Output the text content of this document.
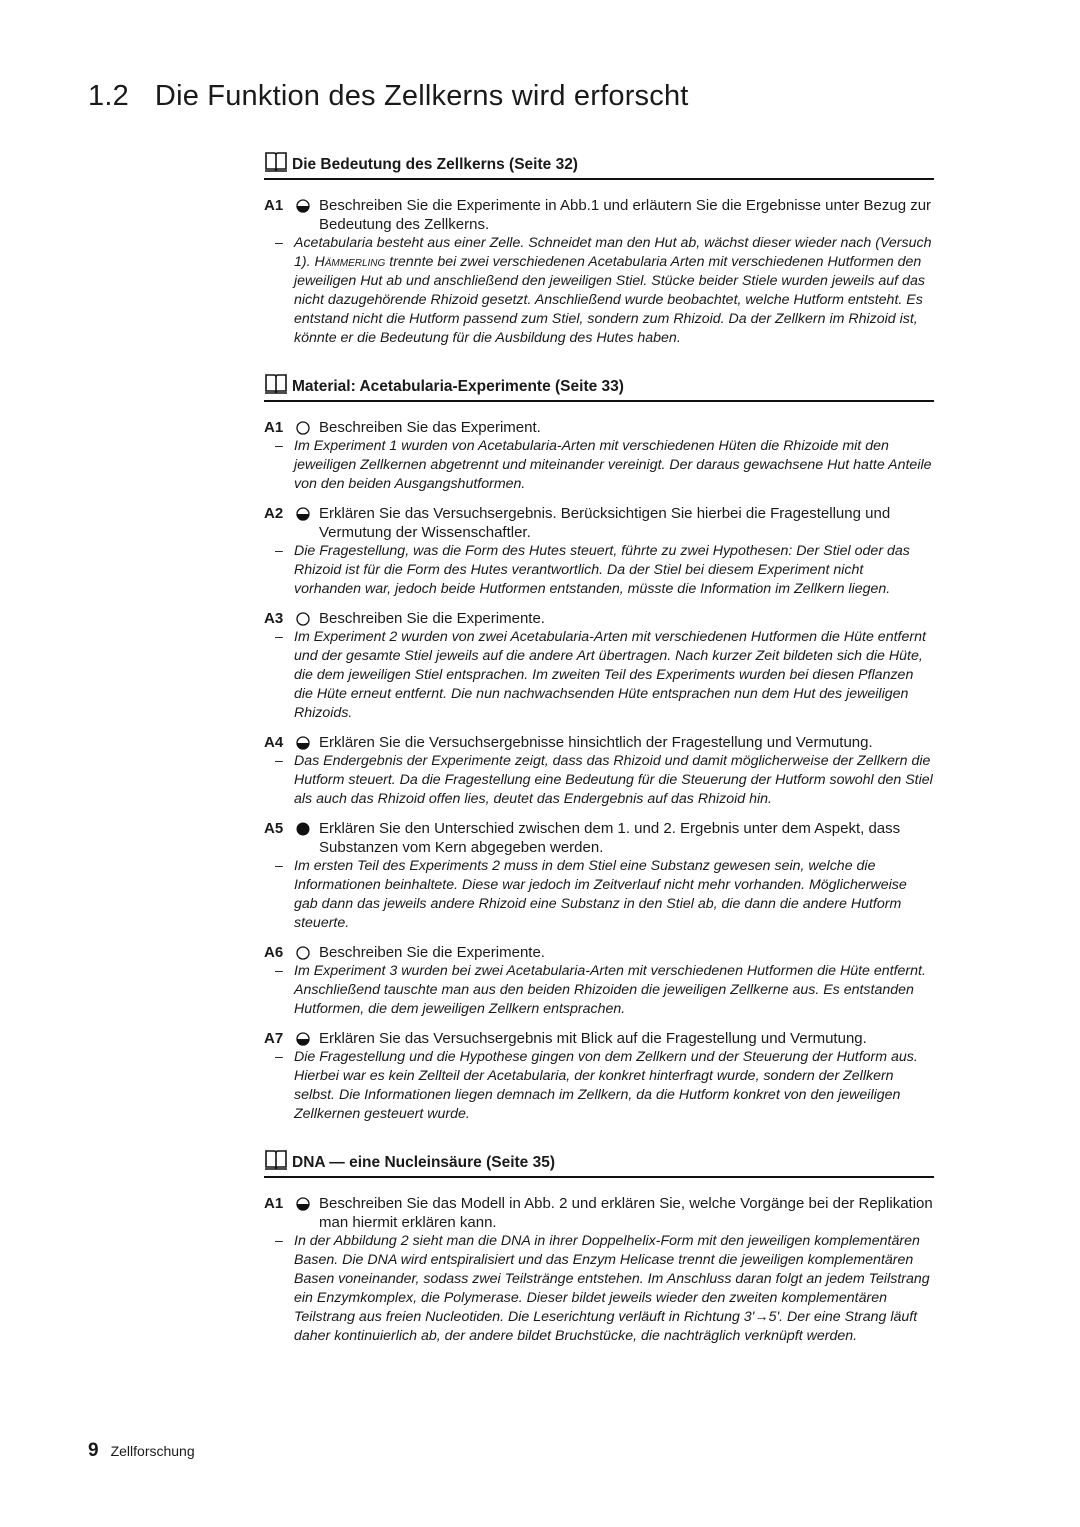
1.2 Die Funktion des Zellkerns wird erforscht
Die Bedeutung des Zellkerns (Seite 32)
A1	Beschreiben Sie die Experimente in Abb.1 und erläutern Sie die Ergebnisse unter Bezug zur Bedeutung des Zellkerns.
– Acetabularia besteht aus einer Zelle. Schneidet man den Hut ab, wächst dieser wieder nach (Versuch 1). Hämmerling trennte bei zwei verschiedenen Acetabularia Arten mit verschiedenen Hutformen den jeweiligen Hut ab und anschließend den jeweiligen Stiel. Stücke beider Stiele wurden jeweils auf das nicht dazugehörende Rhizoid gesetzt. Anschließend wurde beobachtet, welche Hutform entsteht. Es entstand nicht die Hutform passend zum Stiel, sondern zum Rhizoid. Da der Zellkern im Rhizoid ist, könnte er die Bedeutung für die Ausbildung des Hutes haben.
Material: Acetabularia-Experimente (Seite 33)
A1	Beschreiben Sie das Experiment.
– Im Experiment 1 wurden von Acetabularia-Arten mit verschiedenen Hüten die Rhizoide mit den jeweiligen Zellkernen abgetrennt und miteinander vereinigt. Der daraus gewachsene Hut hatte Anteile von den beiden Ausgangshutformen.
A2	Erklären Sie das Versuchsergebnis. Berücksichtigen Sie hierbei die Fragestellung und Vermutung der Wissenschaftler.
– Die Fragestellung, was die Form des Hutes steuert, führte zu zwei Hypothesen: Der Stiel oder das Rhizoid ist für die Form des Hutes verantwortlich. Da der Stiel bei diesem Experiment nicht vorhanden war, jedoch beide Hutformen entstanden, müsste die Information im Zellkern liegen.
A3	Beschreiben Sie die Experimente.
– Im Experiment 2 wurden von zwei Acetabularia-Arten mit verschiedenen Hutformen die Hüte entfernt und der gesamte Stiel jeweils auf die andere Art übertragen. Nach kurzer Zeit bildeten sich die Hüte, die dem jeweiligen Stiel entsprachen. Im zweiten Teil des Experiments wurden bei diesen Pflanzen die Hüte erneut entfernt. Die nun nachwachsenden Hüte entsprachen nun dem Hut des jeweiligen Rhizoids.
A4	Erklären Sie die Versuchsergebnisse hinsichtlich der Fragestellung und Vermutung.
– Das Endergebnis der Experimente zeigt, dass das Rhizoid und damit möglicherweise der Zellkern die Hutform steuert. Da die Fragestellung eine Bedeutung für die Steuerung der Hutform sowohl den Stiel als auch das Rhizoid offen lies, deutet das Endergebnis auf das Rhizoid hin.
A5	Erklären Sie den Unterschied zwischen dem 1. und 2. Ergebnis unter dem Aspekt, dass Substanzen vom Kern abgegeben werden.
– Im ersten Teil des Experiments 2 muss in dem Stiel eine Substanz gewesen sein, welche die Informationen beinhaltete. Diese war jedoch im Zeitverlauf nicht mehr vorhanden. Möglicherweise gab dann das jeweils andere Rhizoid eine Substanz in den Stiel ab, die dann die andere Hutform steuerte.
A6	Beschreiben Sie die Experimente.
– Im Experiment 3 wurden bei zwei Acetabularia-Arten mit verschiedenen Hutformen die Hüte entfernt. Anschließend tauschte man aus den beiden Rhizoiden die jeweiligen Zellkerne aus. Es entstanden Hutformen, die dem jeweiligen Zellkern entsprachen.
A7	Erklären Sie das Versuchsergebnis mit Blick auf die Fragestellung und Vermutung.
– Die Fragestellung und die Hypothese gingen von dem Zellkern und der Steuerung der Hutform aus. Hierbei war es kein Zellteil der Acetabularia, der konkret hinterfragt wurde, sondern der Zellkern selbst. Die Informationen liegen demnach im Zellkern, da die Hutform konkret von den jeweiligen Zellkernen gesteuert wurde.
DNA — eine Nucleinsäure (Seite 35)
A1	Beschreiben Sie das Modell in Abb. 2 und erklären Sie, welche Vorgänge bei der Replikation man hiermit erklären kann.
– In der Abbildung 2 sieht man die DNA in ihrer Doppelhelix-Form mit den jeweiligen komplementären Basen. Die DNA wird entspiralisiert und das Enzym Helicase trennt die jeweiligen komplementären Basen voneinander, sodass zwei Teilstränge entstehen. Im Anschluss daran folgt an jedem Teilstrang ein Enzymkomplex, die Polymerase. Dieser bildet jeweils wieder den zweiten komplementären Teilstrang aus freien Nucleotiden. Die Leserichtung verläuft in Richtung 3'→5'. Der eine Strang läuft daher kontinuierlich ab, der andere bildet Bruchstücke, die nachträglich verknüpft werden.
9 Zellforschung
